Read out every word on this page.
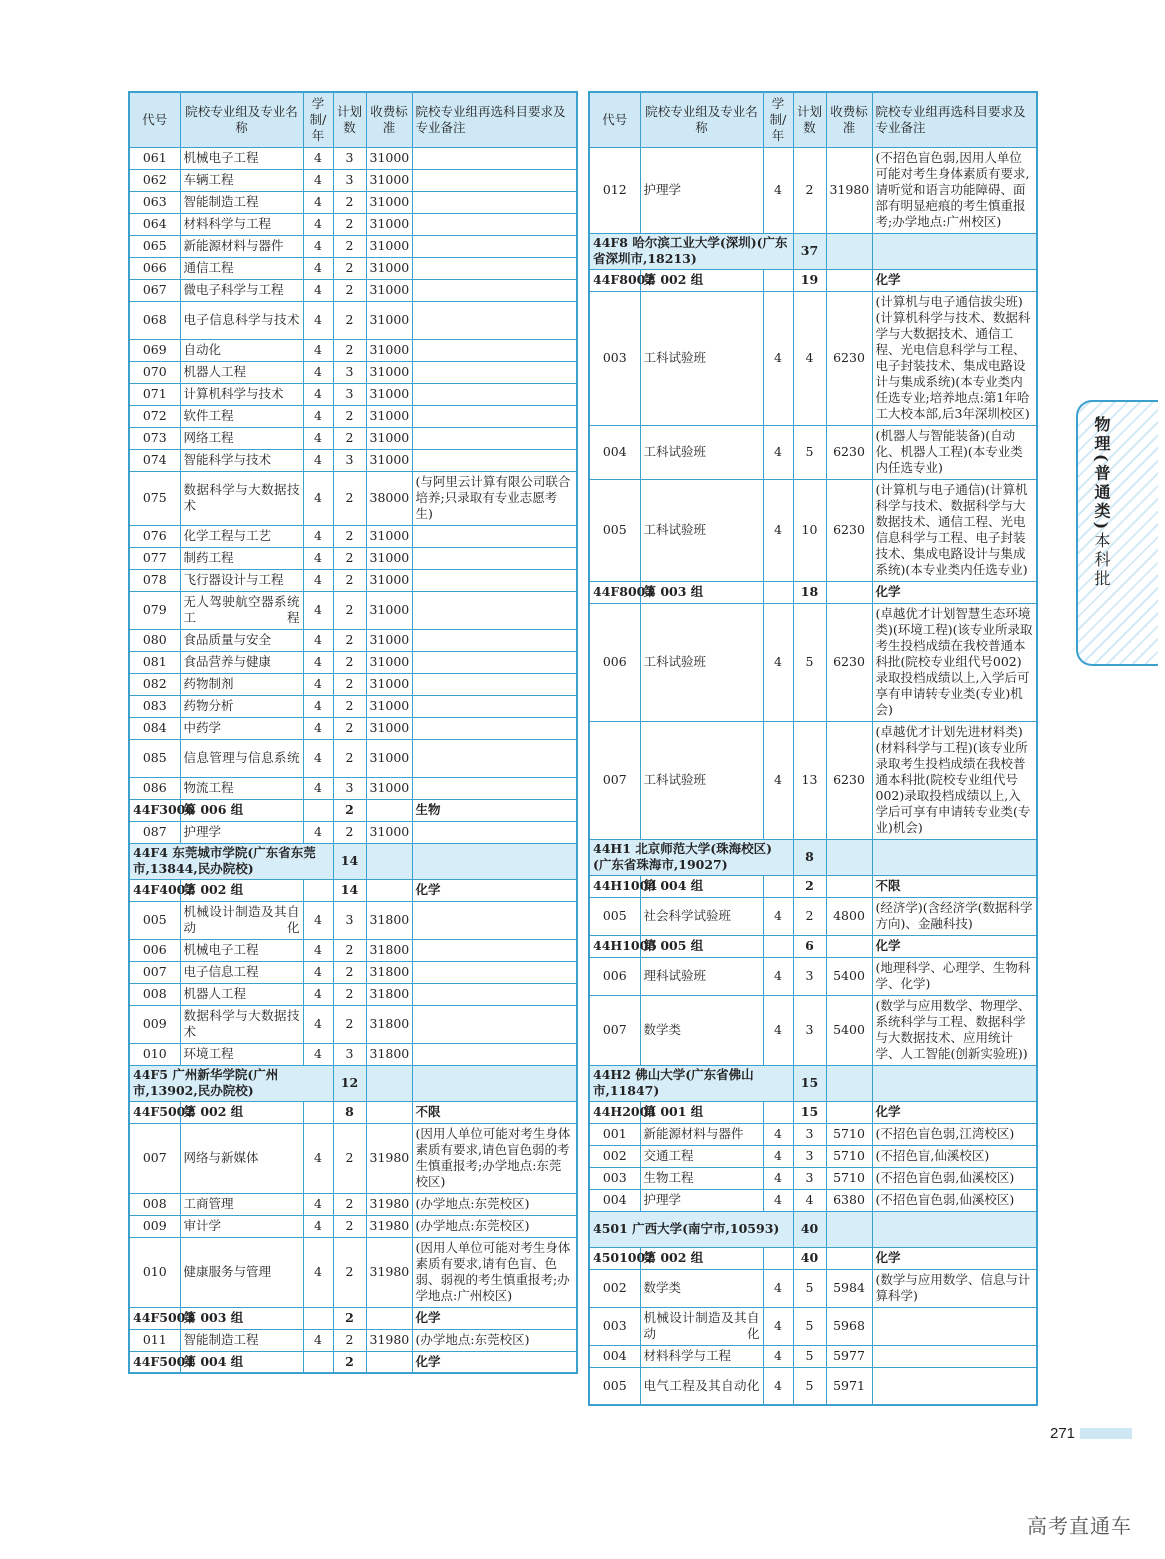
代号	院校专业组及专业名称	学制/年	计划数	收费标准	院校专业组再选科目要求及专业备注
061	机械电子工程	4	3	31000	
062	车辆工程	4	3	31000	
063	智能制造工程	4	2	31000	
064	材料科学与工程	4	2	31000	
065	新能源材料与器件	4	2	31000	
066	通信工程	4	2	31000	
067	微电子科学与工程	4	2	31000	
068	电子信息科学与技术	4	2	31000	
069	自动化	4	2	31000	
070	机器人工程	4	3	31000	
071	计算机科学与技术	4	3	31000	
072	软件工程	4	2	31000	
073	网络工程	4	2	31000	
074	智能科学与技术	4	3	31000	
075	数据科学与大数据技术	4	2	38000	(与阿里云计算有限公司联合培养;只录取有专业志愿考生)
076	化学工程与工艺	4	2	31000	
077	制药工程	4	2	31000	
078	飞行器设计与工程	4	2	31000	
079	无人驾驶航空器系统工程	4	2	31000	
080	食品质量与安全	4	2	31000	
081	食品营养与健康	4	2	31000	
082	药物制剂	4	2	31000	
083	药物分析	4	2	31000	
084	中药学	4	2	31000	
085	信息管理与信息系统	4	2	31000	
086	物流工程	4	3	31000	
44F3006	第 006 组		2		生物
087	护理学	4	2	31000	
44F4 东莞城市学院(广东省东莞市,13844,民办院校)			14		
44F4002	第 002 组		14		化学
005	机械设计制造及其自动化	4	3	31800	
006	机械电子工程	4	2	31800	
007	电子信息工程	4	2	31800	
008	机器人工程	4	2	31800	
009	数据科学与大数据技术	4	2	31800	
010	环境工程	4	3	31800	
44F5 广州新华学院(广州市,13902,民办院校)			12		
44F5002	第 002 组		8		不限
007	网络与新媒体	4	2	31980	(因用人单位可能对考生身体素质有要求,请色盲色弱的考生慎重报考;办学地点:东莞校区)
008	工商管理	4	2	31980	(办学地点:东莞校区)
009	审计学	4	2	31980	(办学地点:东莞校区)
010	健康服务与管理	4	2	31980	(因用人单位可能对考生身体素质有要求,请有色盲、色弱、弱视的考生慎重报考;办学地点:广州校区)
44F5003	第 003 组		2		化学
011	智能制造工程	4	2	31980	(办学地点:东莞校区)
44F5004	第 004 组		2		化学
代号	院校专业组及专业名称	学制/年	计划数	收费标准	院校专业组再选科目要求及专业备注
012	护理学	4	2	31980	(不招色盲色弱,因用人单位可能对考生身体素质有要求,请听觉和语言功能障碍、面部有明显疤痕的考生慎重报考;办学地点:广州校区)
44F8 哈尔滨工业大学(深圳)(广东省深圳市,18213)			37		
44F8002	第 002 组		19		化学
003	工科试验班	4	4	6230	(计算机与电子通信拔尖班)(计算机科学与技术、数据科学与大数据技术、通信工程、光电信息科学与工程、电子封装技术、集成电路设计与集成系统)(本专业类内任选专业;培养地点:第1年哈工大校本部,后3年深圳校区)
004	工科试验班	4	5	6230	(机器人与智能装备)(自动化、机器人工程)(本专业类内任选专业)
005	工科试验班	4	10	6230	(计算机与电子通信)(计算机科学与技术、数据科学与大数据技术、通信工程、光电信息科学与工程、电子封装技术、集成电路设计与集成系统)(本专业类内任选专业)
44F8003	第 003 组		18		化学
006	工科试验班	4	5	6230	(卓越优才计划智慧生态环境类)(环境工程)(该专业所录取考生投档成绩在我校普通本科批(院校专业组代号002)录取投档成绩以上,入学后可享有申请转专业类(专业)机会)
007	工科试验班	4	13	6230	(卓越优才计划先进材料类)(材料科学与工程)(该专业所录取考生投档成绩在我校普通本科批(院校专业组代号002)录取投档成绩以上,入学后可享有申请转专业类(专业)机会)
44H1 北京师范大学(珠海校区)(广东省珠海市,19027)			8		
44H1004	第 004 组		2		不限
005	社会科学试验班	4	2	4800	(经济学)(含经济学(数据科学方向)、金融科技)
44H1005	第 005 组		6		化学
006	理科试验班	4	3	5400	(地理科学、心理学、生物科学、化学)
007	数学类	4	3	5400	(数学与应用数学、物理学、系统科学与工程、数据科学与大数据技术、应用统计学、人工智能(创新实验班))
44H2 佛山大学(广东省佛山市,11847)			15		
44H2001	第 001 组		15		化学
001	新能源材料与器件	4	3	5710	(不招色盲色弱,江湾校区)
002	交通工程	4	3	5710	(不招色盲,仙溪校区)
003	生物工程	4	3	5710	(不招色盲色弱,仙溪校区)
004	护理学	4	4	6380	(不招色盲色弱,仙溪校区)
4501 广西大学(南宁市,10593)			40		
4501002	第 002 组		40		化学
002	数学类	4	5	5984	(数学与应用数学、信息与计算科学)
003	机械设计制造及其自动化	4	5	5968	
004	材料科学与工程	4	5	5977	
005	电气工程及其自动化	4	5	5971	
物理(普通类)本科批
271
高考直通车
